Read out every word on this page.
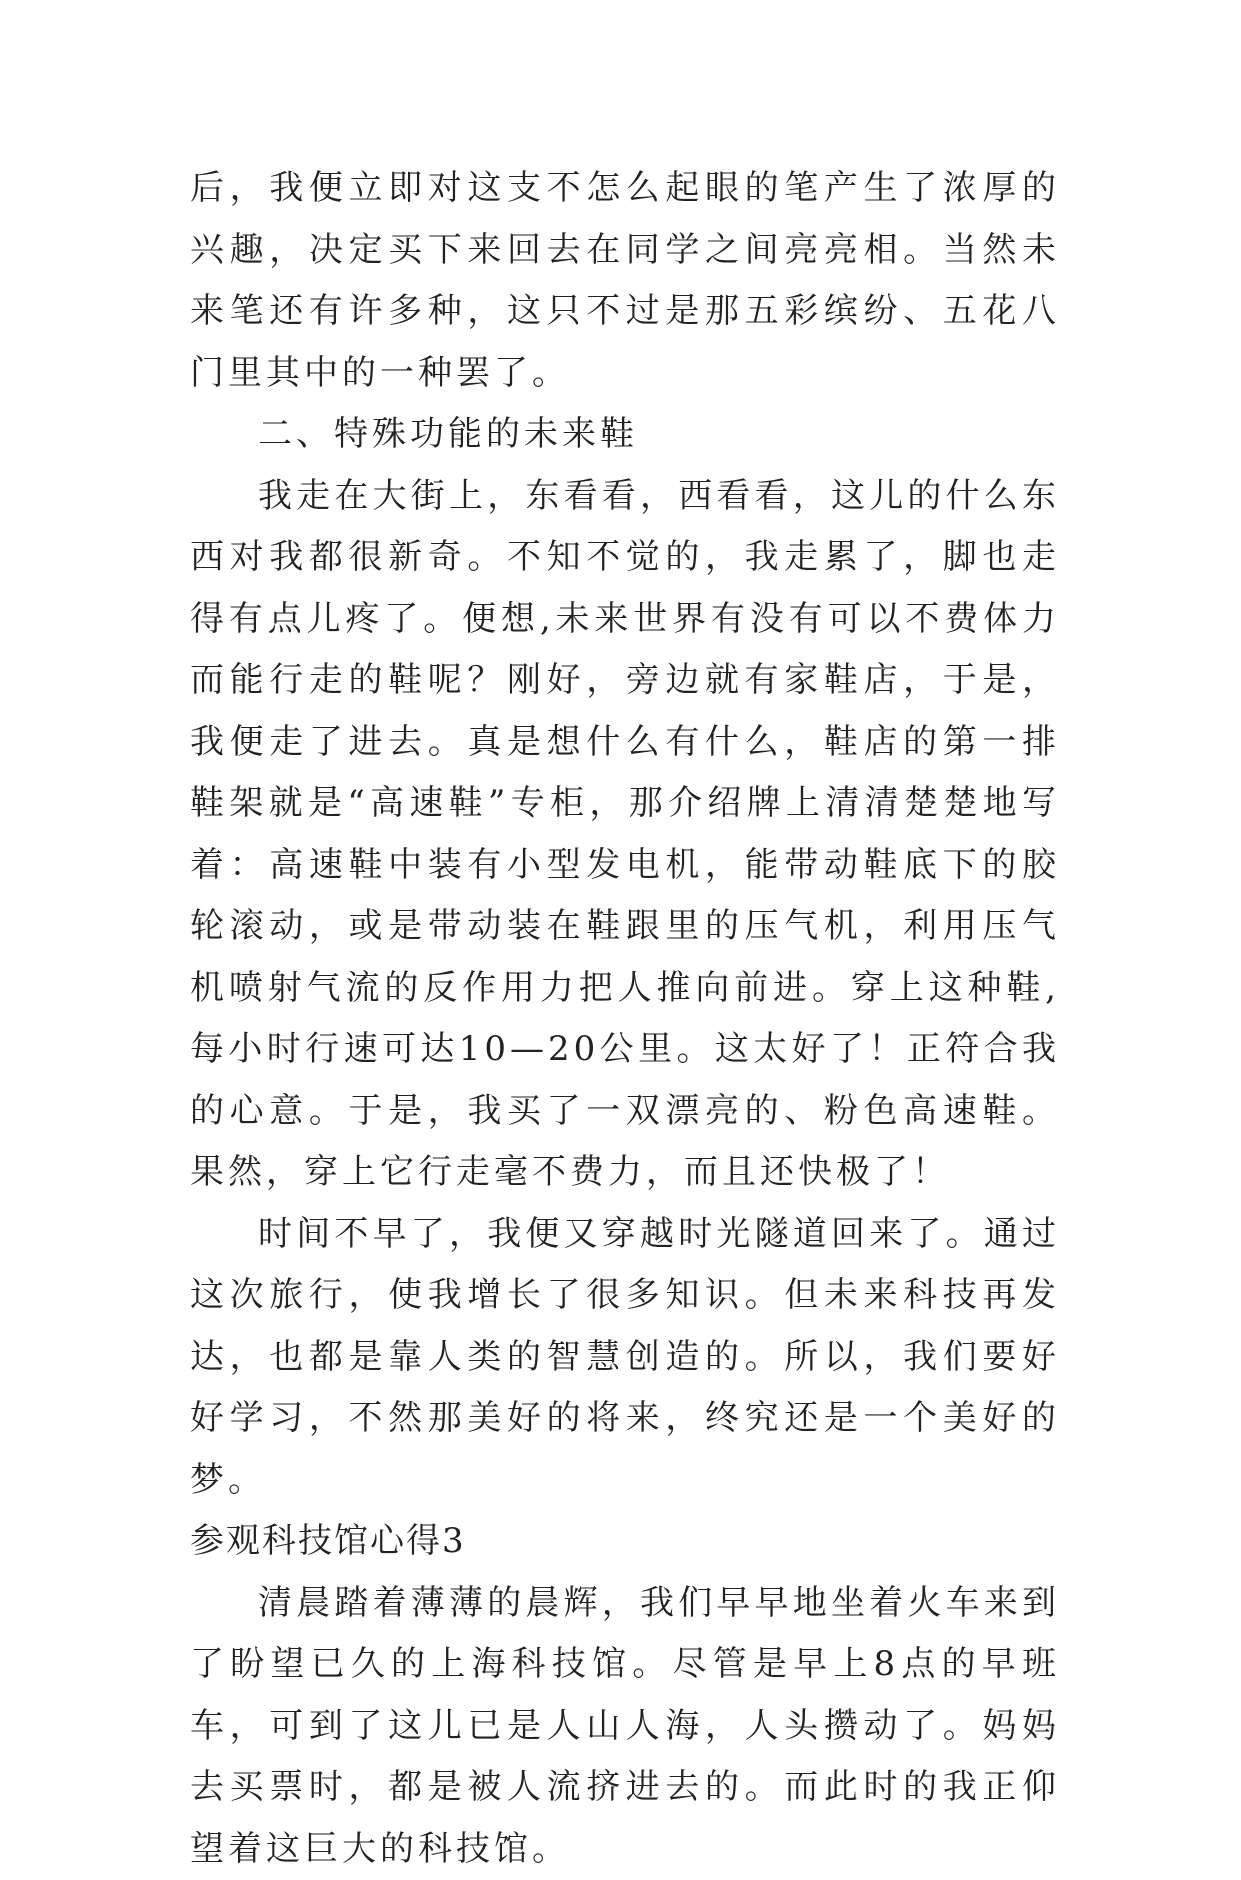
后，我便立即对这支不怎么起眼的笔产生了浓厚的兴趣，决定买下来回去在同学之间亮亮相。当然未来笔还有许多种，这只不过是那五彩缤纷、五花八门里其中的一种罢了。

二、特殊功能的未来鞋

我走在大街上，东看看，西看看，这儿的什么东西对我都很新奇。不知不觉的，我走累了，脚也走得有点儿疼了。便想,未来世界有没有可以不费体力而能行走的鞋呢？刚好，旁边就有家鞋店，于是，我便走了进去。真是想什么有什么，鞋店的第一排鞋架就是“高速鞋”专柜，那介绍牌上清清楚楚地写着：高速鞋中装有小型发电机，能带动鞋底下的胶轮滚动，或是带动装在鞋跟里的压气机，利用压气机喷射气流的反作用力把人推向前进。穿上这种鞋,每小时行速可达10—20公里。这太好了！正符合我的心意。于是，我买了一双漂亮的、粉色高速鞋。果然，穿上它行走毫不费力，而且还快极了！

时间不早了，我便又穿越时光隧道回来了。通过这次旅行，使我增长了很多知识。但未来科技再发达，也都是靠人类的智慧创造的。所以，我们要好好学习，不然那美好的将来，终究还是一个美好的梦。

参观科技馆心得3

清晨踏着薄薄的晨辉，我们早早地坐着火车来到了盼望已久的上海科技馆。尽管是早上8点的早班车，可到了这儿已是人山人海，人头攒动了。妈妈去买票时，都是被人流挤进去的。而此时的我正仰望着这巨大的科技馆。
